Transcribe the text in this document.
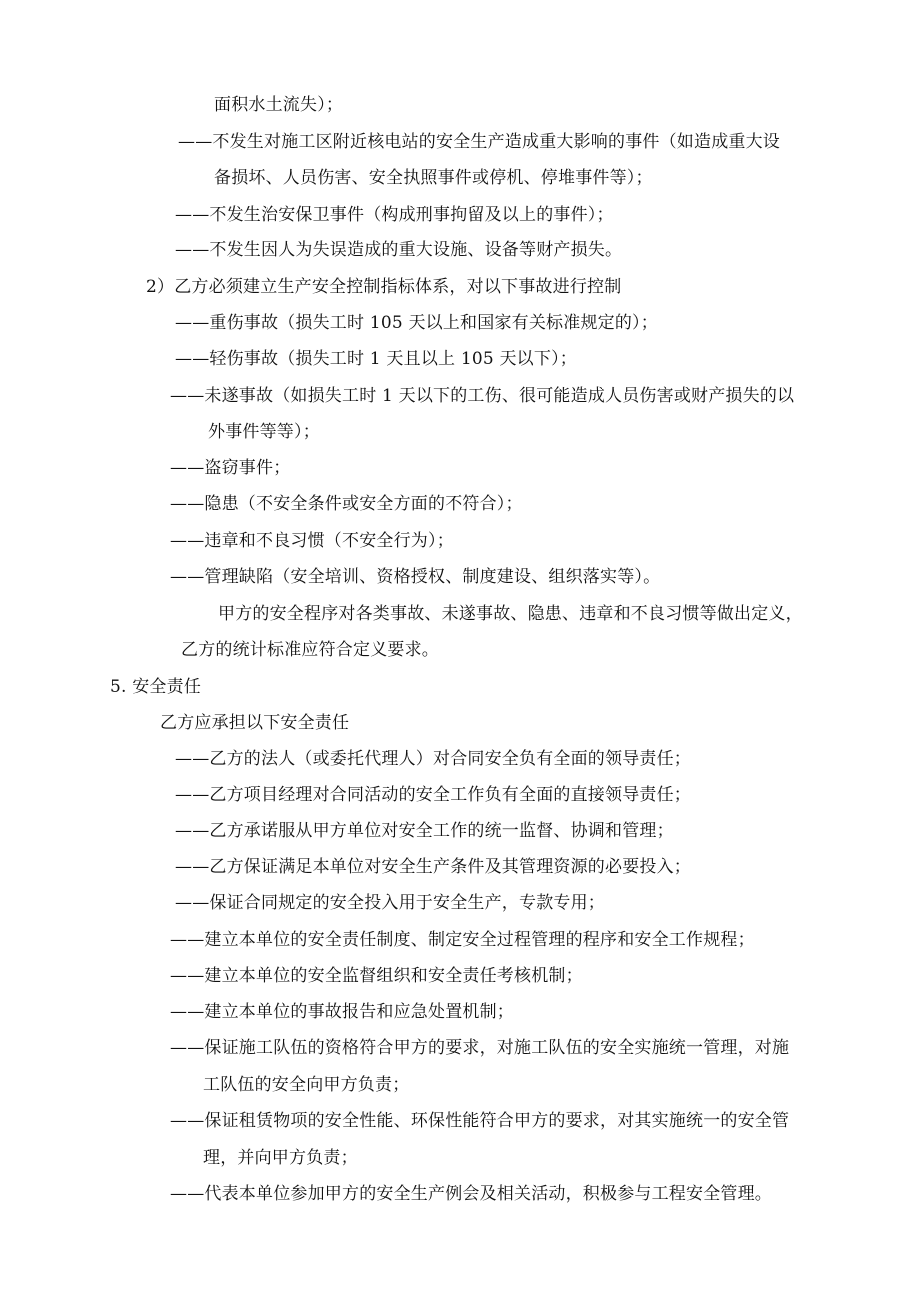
面积水土流失）；
——不发生对施工区附近核电站的安全生产造成重大影响的事件（如造成重大设
备损坏、人员伤害、安全执照事件或停机、停堆事件等）；
——不发生治安保卫事件（构成刑事拘留及以上的事件）；
——不发生因人为失误造成的重大设施、设备等财产损失。
2）乙方必须建立生产安全控制指标体系，对以下事故进行控制
——重伤事故（损失工时 105 天以上和国家有关标准规定的）；
——轻伤事故（损失工时 1 天且以上 105 天以下）；
——未遂事故（如损失工时 1 天以下的工伤、很可能造成人员伤害或财产损失的以
外事件等等）；
——盗窃事件；
——隐患（不安全条件或安全方面的不符合）；
——违章和不良习惯（不安全行为）；
——管理缺陷（安全培训、资格授权、制度建设、组织落实等）。
甲方的安全程序对各类事故、未遂事故、隐患、违章和不良习惯等做出定义，
乙方的统计标准应符合定义要求。
5. 安全责任
乙方应承担以下安全责任
——乙方的法人（或委托代理人）对合同安全负有全面的领导责任；
——乙方项目经理对合同活动的安全工作负有全面的直接领导责任；
——乙方承诺服从甲方单位对安全工作的统一监督、协调和管理；
——乙方保证满足本单位对安全生产条件及其管理资源的必要投入；
——保证合同规定的安全投入用于安全生产，专款专用；
——建立本单位的安全责任制度、制定安全过程管理的程序和安全工作规程；
——建立本单位的安全监督组织和安全责任考核机制；
——建立本单位的事故报告和应急处置机制；
——保证施工队伍的资格符合甲方的要求，对施工队伍的安全实施统一管理，对施
工队伍的安全向甲方负责；
——保证租赁物项的安全性能、环保性能符合甲方的要求，对其实施统一的安全管
理，并向甲方负责；
——代表本单位参加甲方的安全生产例会及相关活动，积极参与工程安全管理。
